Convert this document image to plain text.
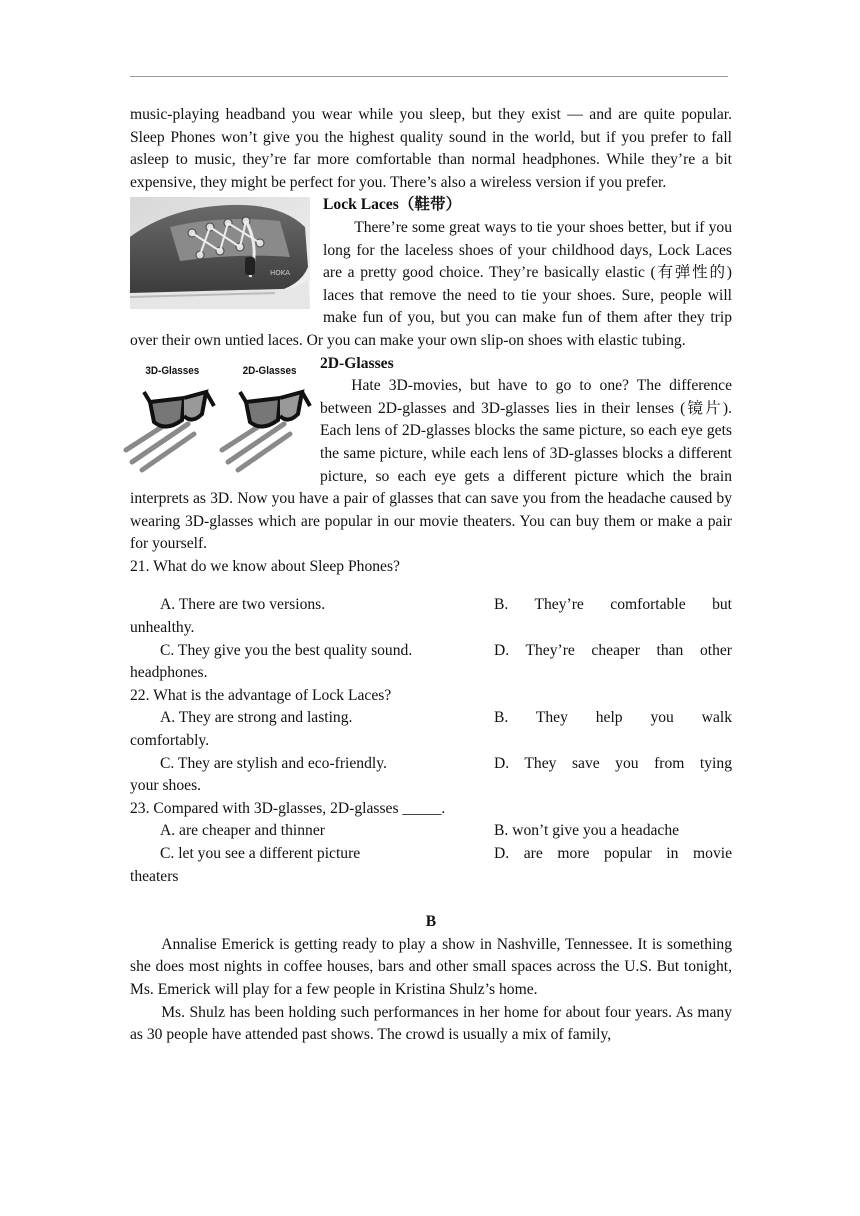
music-playing headband you wear while you sleep, but they exist — and are quite popular. Sleep Phones won’t give you the highest quality sound in the world, but if you prefer to fall asleep to music, they’re far more comfortable than normal headphones. While they’re a bit expensive, they might be perfect for you. There’s also a wireless version if you prefer.

HOKA

Lock Laces（鞋带）

There’re some great ways to tie your shoes better, but if you long for the laceless shoes of your childhood days, Lock Laces are a pretty good choice. They’re basically elastic (有弹性的) laces that remove the need to tie your shoes. Sure, people will make fun of you, but you can make fun of them after they trip over their own untied laces. Or you can make your own slip-on shoes with elastic tubing.

3D-Glasses	2D-Glasses	2D-Glasses

Hate 3D-movies, but have to go to one? The difference between 2D-glasses and 3D-glasses lies in their lenses (镜片). Each lens of 2D-glasses blocks the same picture, so each eye gets the same picture, while each lens of 3D-glasses blocks a different picture, so each eye gets a different picture which the brain interprets as 3D. Now you have a pair of glasses that can save you from the headache caused by wearing 3D-glasses which are popular in our movie theaters. You can buy them or make a pair for yourself.

21. What do we know about Sleep Phones?

A. There are two versions.	B. They’re comfortable but

unhealthy.

C. They give you the best quality sound.	D. They’re cheaper than other

headphones.

22. What is the advantage of Lock Laces?

A. They are strong and lasting.	B. They help you walk

comfortably.

C. They are stylish and eco-friendly.	D. They save you from tying

your shoes.

23. Compared with 3D-glasses, 2D-glasses _____.

A. are cheaper and thinner	B. won’t give you a headache
C. let you see a different picture	D. are more popular in movie

theaters

B

Annalise Emerick is getting ready to play a show in Nashville, Tennessee. It is something she does most nights in coffee houses, bars and other small spaces across the U.S. But tonight, Ms. Emerick will play for a few people in Kristina Shulz’s home.

Ms. Shulz has been holding such performances in her home for about four years. As many as 30 people have attended past shows. The crowd is usually a mix of family,
